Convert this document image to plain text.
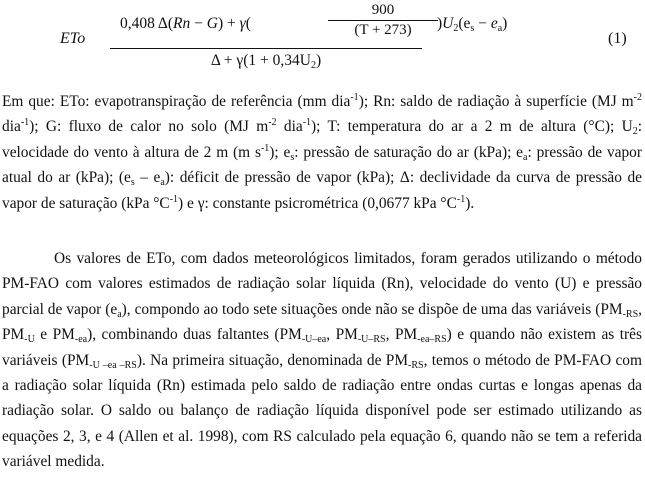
ETo
0,408 Δ(Rn − G) + γ(
900
(T + 273)	)$U_2(e_s - e_a)$
$\Delta + \gamma(1 + 0,34U_2)$
(1)

Em que: ETo: evapotranspiração de referência (mm dia$^{-1}$); Rn: saldo de radiação à superfície (MJ $m^{-2}$ dia$^{-1}$); G: fluxo de calor no solo (MJ $m^{-2}$ dia$^{-1}$); T: temperatura do ar a 2 m de altura (°C); $U_2$: velocidade do vento à altura de 2 m (m $s^{-1}$); $e_s$: pressão de saturação do ar (kPa); $e_a$: pressão de vapor atual do ar (kPa); $(e_s - e_a)$: déficit de pressão de vapor (kPa); Δ: declividade da curva de pressão de vapor de saturação (kPa $^\circ C^{-1}$) e γ: constante psicrométrica (0,0677 kPa $^\circ C^{-1}$).

Os valores de ETo, com dados meteorológicos limitados, foram gerados utilizando o método PM-FAO com valores estimados de radiação solar líquida (Rn), velocidade do vento (U) e pressão parcial de vapor $(e_a)$, compondo ao todo sete situações onde não se dispõe de uma das variáveis ($PM_{-RS}$, $PM_{-U}$ e $PM_{-ea}$), combinando duas faltantes ($PM_{-U-ea}$, $PM_{-U-RS}$, $PM_{-ea-RS}$) e quando não existem as três variáveis $(PM_{-U -ea -RS})$. Na primeira situação, denominada de $PM_{-RS}$, temos o método de PM-FAO com a radiação solar líquida (Rn) estimada pelo saldo de radiação entre ondas curtas e longas apenas da radiação solar. O saldo ou balanço de radiação líquida disponível pode ser estimado utilizando as equações 2, 3, e 4 (Allen et al. 1998), com RS calculado pela equação 6, quando não se tem a referida variável medida.
